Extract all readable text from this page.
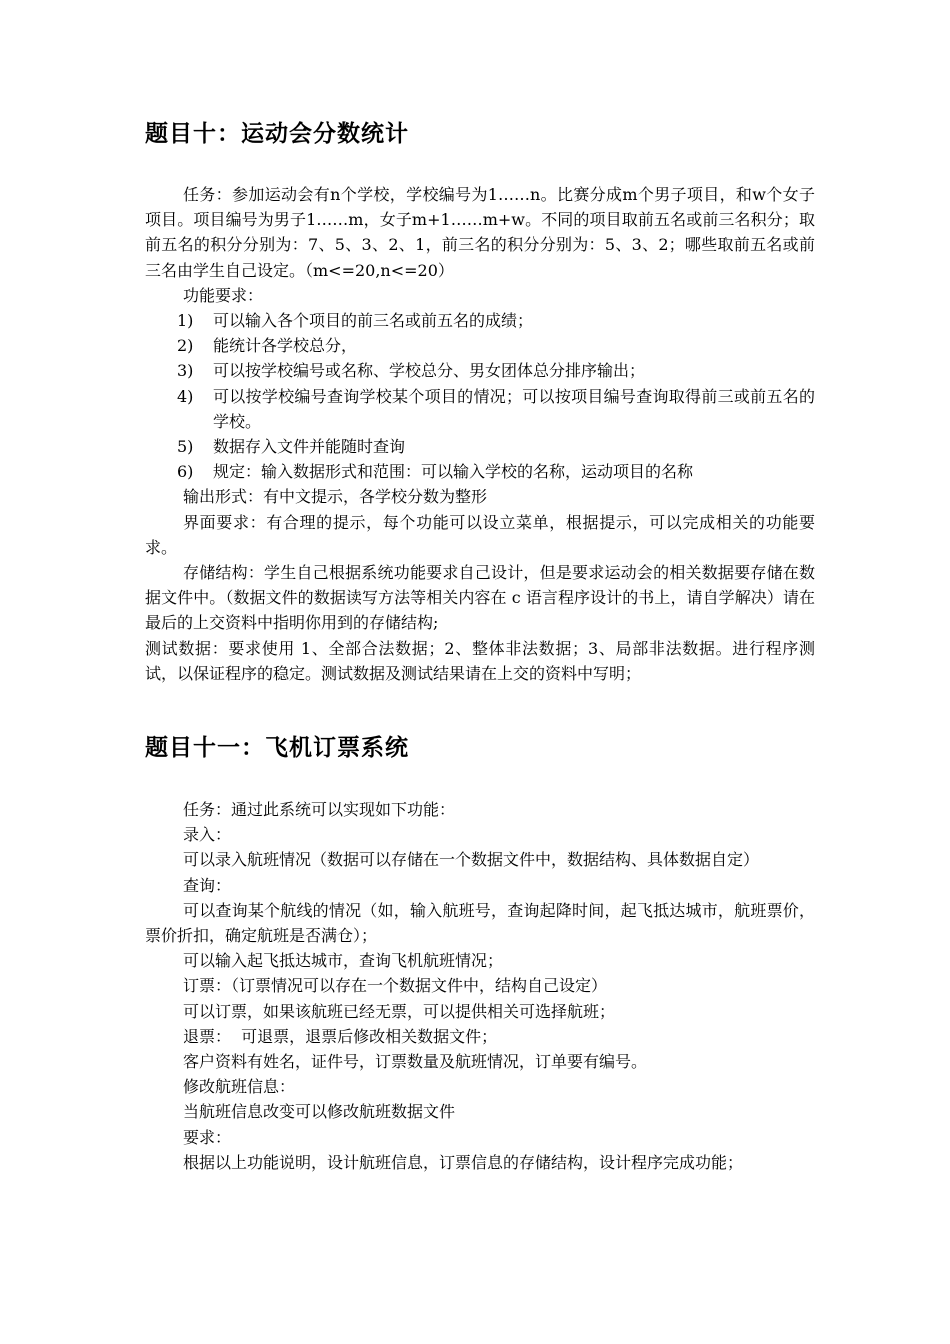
题目十：运动会分数统计

任务：参加运动会有n个学校，学校编号为1……n。比赛分成m个男子项目，和w个女子项目。项目编号为男子1……m，女子m+1……m+w。不同的项目取前五名或前三名积分；取前五名的积分分别为：7、5、3、2、1，前三名的积分分别为：5、3、2；哪些取前五名或前三名由学生自己设定。（m<=20,n<=20）

功能要求：

1)	可以输入各个项目的前三名或前五名的成绩；
2)	能统计各学校总分，
3)	可以按学校编号或名称、学校总分、男女团体总分排序输出；
4)	可以按学校编号查询学校某个项目的情况；可以按项目编号查询取得前三或前五名的学校。
5)	数据存入文件并能随时查询
6)	规定：输入数据形式和范围：可以输入学校的名称，运动项目的名称

输出形式：有中文提示，各学校分数为整形

界面要求：有合理的提示，每个功能可以设立菜单，根据提示，可以完成相关的功能要求。

存储结构：学生自己根据系统功能要求自己设计，但是要求运动会的相关数据要存储在数据文件中。（数据文件的数据读写方法等相关内容在 c 语言程序设计的书上，请自学解决）请在最后的上交资料中指明你用到的存储结构;

测试数据：要求使用 1、全部合法数据；2、整体非法数据；3、局部非法数据。进行程序测试，以保证程序的稳定。测试数据及测试结果请在上交的资料中写明；

题目十一：飞机订票系统

任务：通过此系统可以实现如下功能：

录入：

可以录入航班情况（数据可以存储在一个数据文件中，数据结构、具体数据自定）

查询：

可以查询某个航线的情况（如，输入航班号，查询起降时间，起飞抵达城市，航班票价，票价折扣，确定航班是否满仓）；

可以输入起飞抵达城市，查询飞机航班情况；

订票：（订票情况可以存在一个数据文件中，结构自己设定）

可以订票，如果该航班已经无票，可以提供相关可选择航班；

退票：  可退票，退票后修改相关数据文件；

客户资料有姓名，证件号，订票数量及航班情况，订单要有编号。

修改航班信息：

当航班信息改变可以修改航班数据文件

要求：

根据以上功能说明，设计航班信息，订票信息的存储结构，设计程序完成功能；
